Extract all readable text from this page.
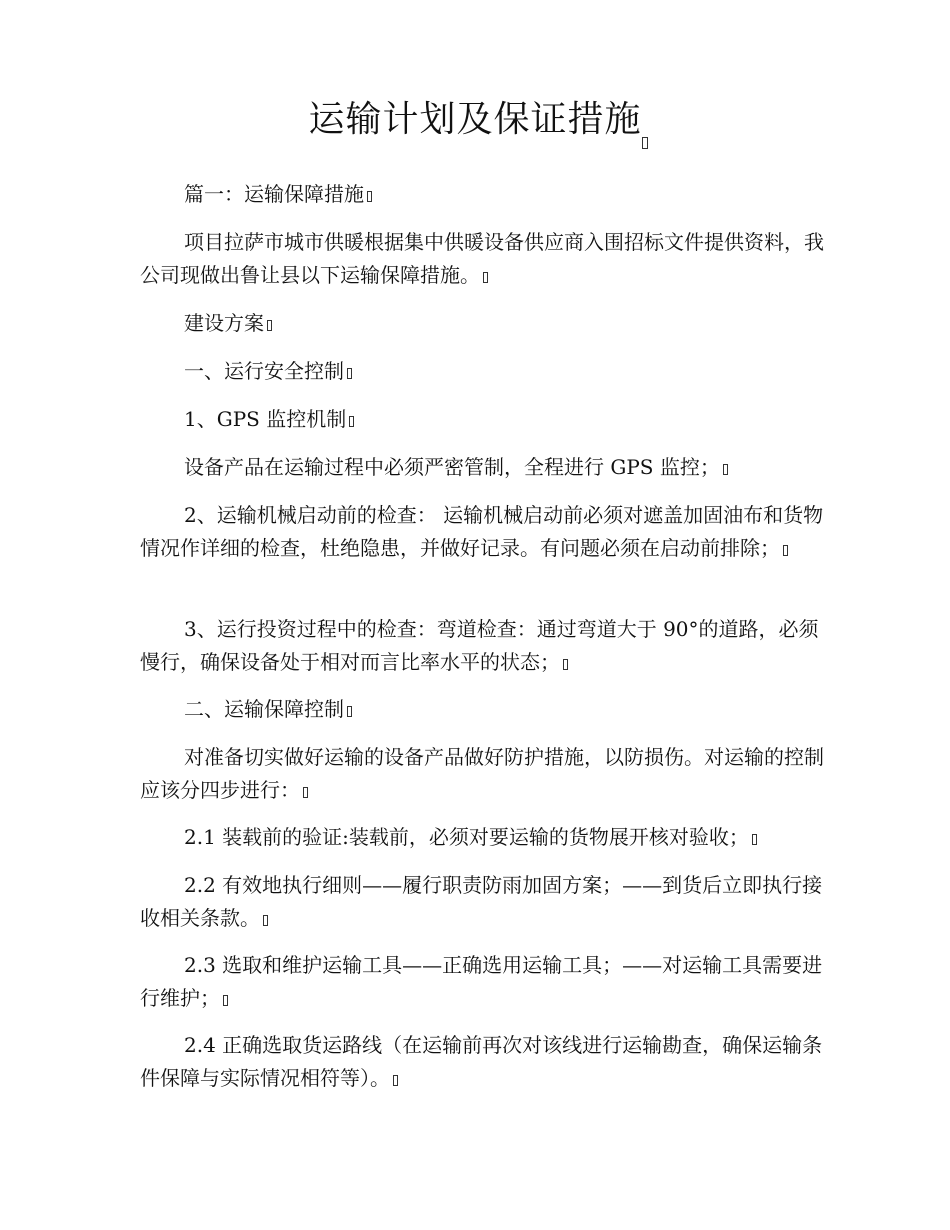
运输计划及保证措施

篇一：运输保障措施

项目拉萨市城市供暖根据集中供暖设备供应商入围招标文件提供资料，我公司现做出鲁让县以下运输保障措施。

建设方案

一、运行安全控制

1、GPS 监控机制

设备产品在运输过程中必须严密管制，全程进行 GPS 监控；

2、运输机械启动前的检查： 运输机械启动前必须对遮盖加固油布和货物情况作详细的检查，杜绝隐患，并做好记录。有问题必须在启动前排除；

3、运行投资过程中的检查：弯道检查：通过弯道大于 90°的道路，必须慢行，确保设备处于相对而言比率水平的状态；

二、运输保障控制

对准备切实做好运输的设备产品做好防护措施，以防损伤。对运输的控制应该分四步进行：

2.1 装载前的验证:装载前，必须对要运输的货物展开核对验收；

2.2 有效地执行细则——履行职责防雨加固方案；——到货后立即执行接收相关条款。

2.3 选取和维护运输工具——正确选用运输工具；——对运输工具需要进行维护；

2.4 正确选取货运路线（在运输前再次对该线进行运输勘查，确保运输条件保障与实际情况相符等）。
